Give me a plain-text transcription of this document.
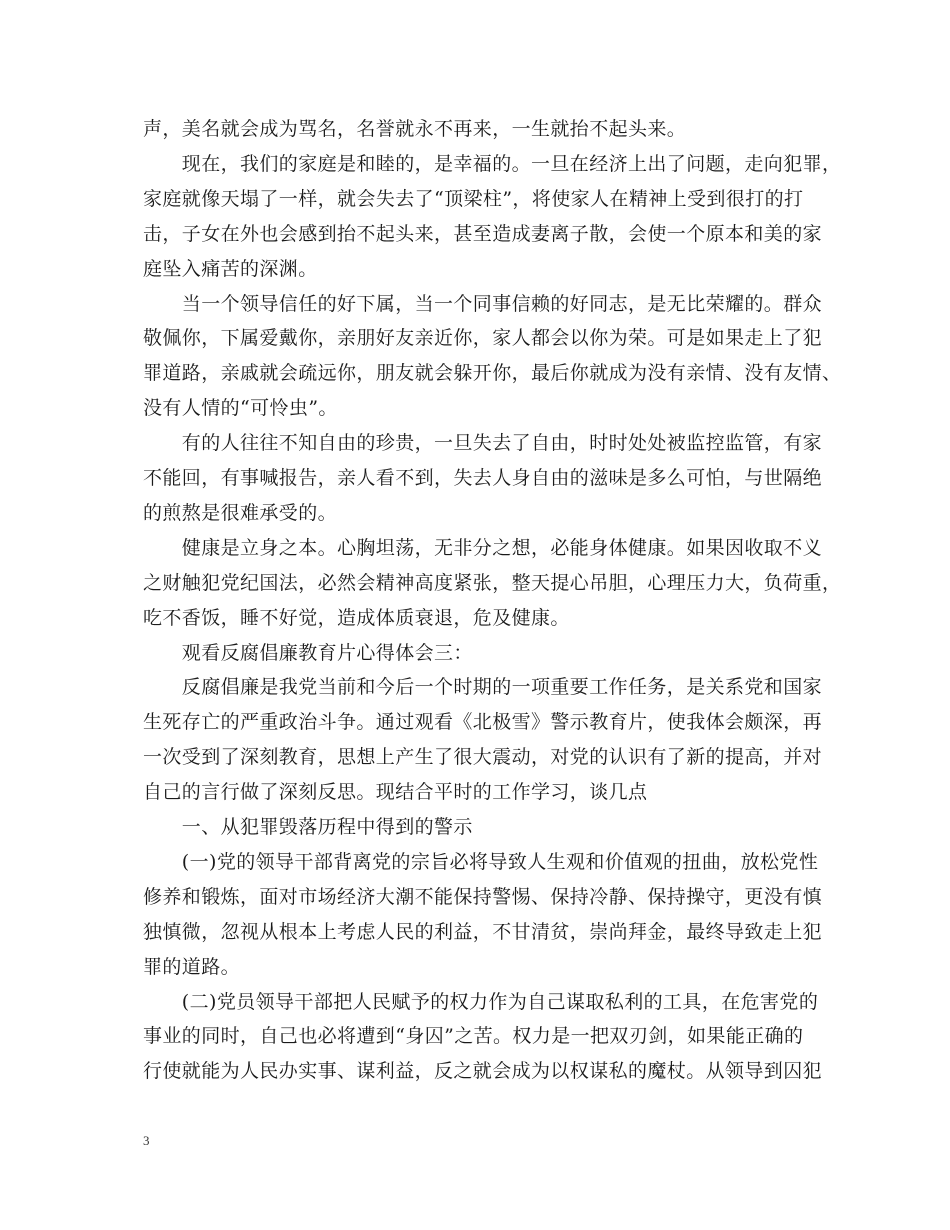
声，美名就会成为骂名，名誉就永不再来，一生就抬不起头来。
　　现在，我们的家庭是和睦的，是幸福的。一旦在经济上出了问题，走向犯罪，
家庭就像天塌了一样，就会失去了“顶梁柱”，将使家人在精神上受到很打的打
击，子女在外也会感到抬不起头来，甚至造成妻离子散，会使一个原本和美的家
庭坠入痛苦的深渊。
　　当一个领导信任的好下属，当一个同事信赖的好同志，是无比荣耀的。群众
敬佩你，下属爱戴你，亲朋好友亲近你，家人都会以你为荣。可是如果走上了犯
罪道路，亲戚就会疏远你，朋友就会躲开你，最后你就成为没有亲情、没有友情、
没有人情的“可怜虫”。
　　有的人往往不知自由的珍贵，一旦失去了自由，时时处处被监控监管，有家
不能回，有事喊报告，亲人看不到，失去人身自由的滋味是多么可怕，与世隔绝
的煎熬是很难承受的。
　　健康是立身之本。心胸坦荡，无非分之想，必能身体健康。如果因收取不义
之财触犯党纪国法，必然会精神高度紧张，整天提心吊胆，心理压力大，负荷重，
吃不香饭，睡不好觉，造成体质衰退，危及健康。
　　观看反腐倡廉教育片心得体会三：
　　反腐倡廉是我党当前和今后一个时期的一项重要工作任务，是关系党和国家
生死存亡的严重政治斗争。通过观看《北极雪》警示教育片，使我体会颇深，再
一次受到了深刻教育，思想上产生了很大震动，对党的认识有了新的提高，并对
自己的言行做了深刻反思。现结合平时的工作学习，谈几点
　　一、从犯罪毁落历程中得到的警示
　　(一)党的领导干部背离党的宗旨必将导致人生观和价值观的扭曲，放松党性
修养和锻炼，面对市场经济大潮不能保持警惕、保持冷静、保持操守，更没有慎
独慎微，忽视从根本上考虑人民的利益，不甘清贫，崇尚拜金，最终导致走上犯
罪的道路。
　　(二)党员领导干部把人民赋予的权力作为自己谋取私利的工具，在危害党的
事业的同时，自己也必将遭到“身囚”之苦。权力是一把双刃剑，如果能正确的
行使就能为人民办实事、谋利益，反之就会成为以权谋私的魔杖。从领导到囚犯
3
